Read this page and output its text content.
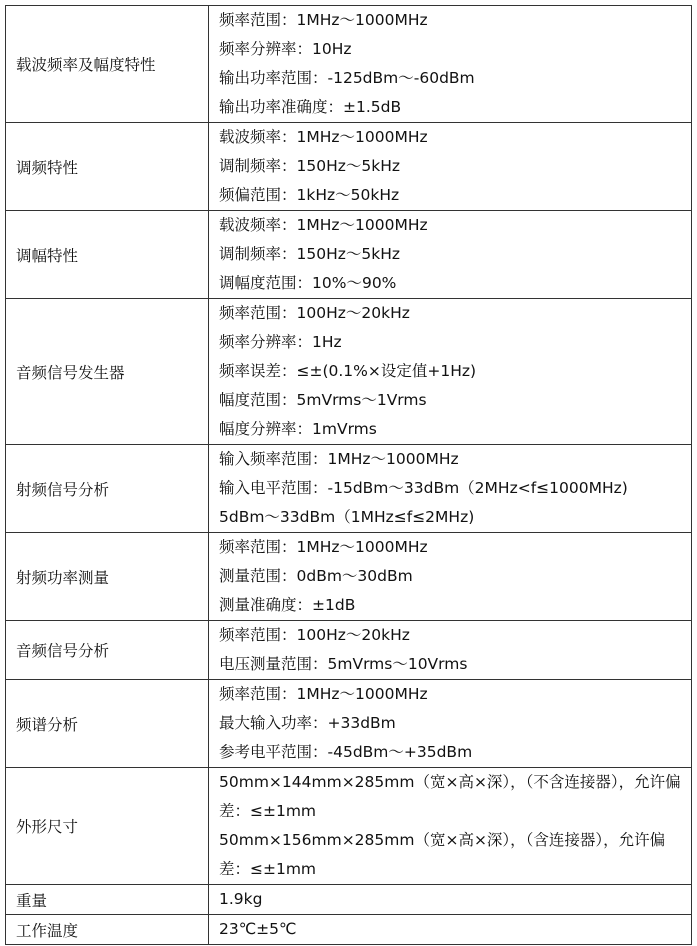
载波频率及幅度特性	频率范围：1MHz～1000MHz
频率分辨率：10Hz
输出功率范围：-125dBm～-60dBm
输出功率准确度：±1.5dB

调频特性	载波频率：1MHz～1000MHz
调制频率：150Hz～5kHz
频偏范围：1kHz～50kHz

调幅特性	载波频率：1MHz～1000MHz
调制频率：150Hz～5kHz
调幅度范围：10%～90%

音频信号发生器	频率范围：100Hz～20kHz
频率分辨率：1Hz
频率误差：≤±(0.1%×设定值+1Hz)
幅度范围：5mVrms～1Vrms
幅度分辨率：1mVrms

射频信号分析	输入频率范围：1MHz～1000MHz
输入电平范围：-15dBm～33dBm（2MHz<f≤1000MHz)
5dBm～33dBm（1MHz≤f≤2MHz)

射频功率测量	频率范围：1MHz～1000MHz
测量范围：0dBm～30dBm
测量准确度：±1dB

音频信号分析	频率范围：100Hz～20kHz
电压测量范围：5mVrms～10Vrms

频谱分析	频率范围：1MHz～1000MHz
最大输入功率：+33dBm
参考电平范围：-45dBm～+35dBm

外形尺寸	50mm×144mm×285mm（宽×高×深），（不含连接器），允许偏差：≤±1mm
50mm×156mm×285mm（宽×高×深），（含连接器），允许偏差：≤±1mm

重量	1.9kg

工作温度	23℃±5℃
